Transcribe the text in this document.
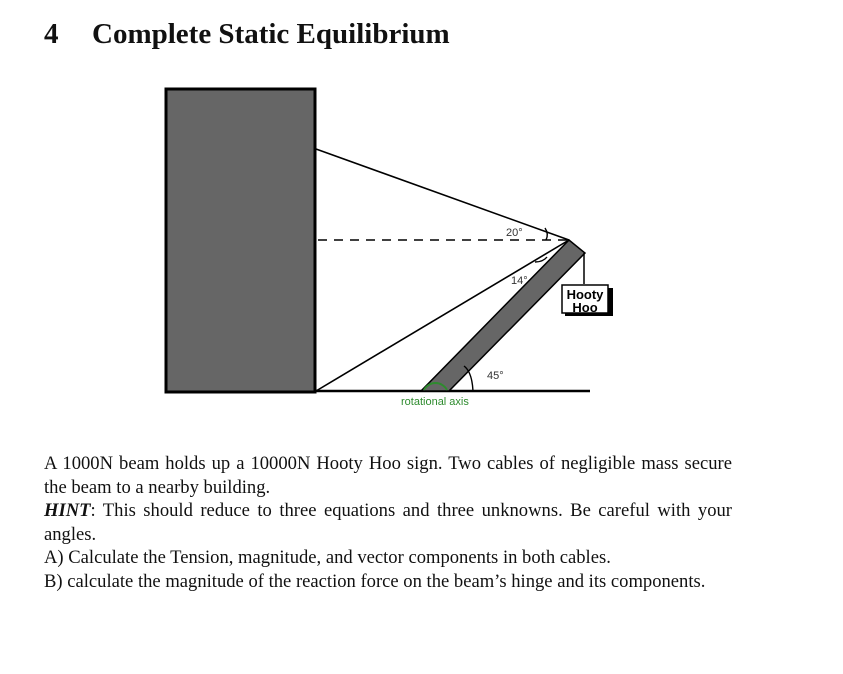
4 Complete Static Equilibrium
Hooty
Hoo
20°
14°
45°
rotational axis

A 1000N beam holds up a 10000N Hooty Hoo sign. Two cables of negligible mass secure the beam to a nearby building.

HINT: This should reduce to three equations and three unknowns. Be careful with your angles.

A) Calculate the Tension, magnitude, and vector components in both cables.

B) calculate the magnitude of the reaction force on the beam’s hinge and its components.
